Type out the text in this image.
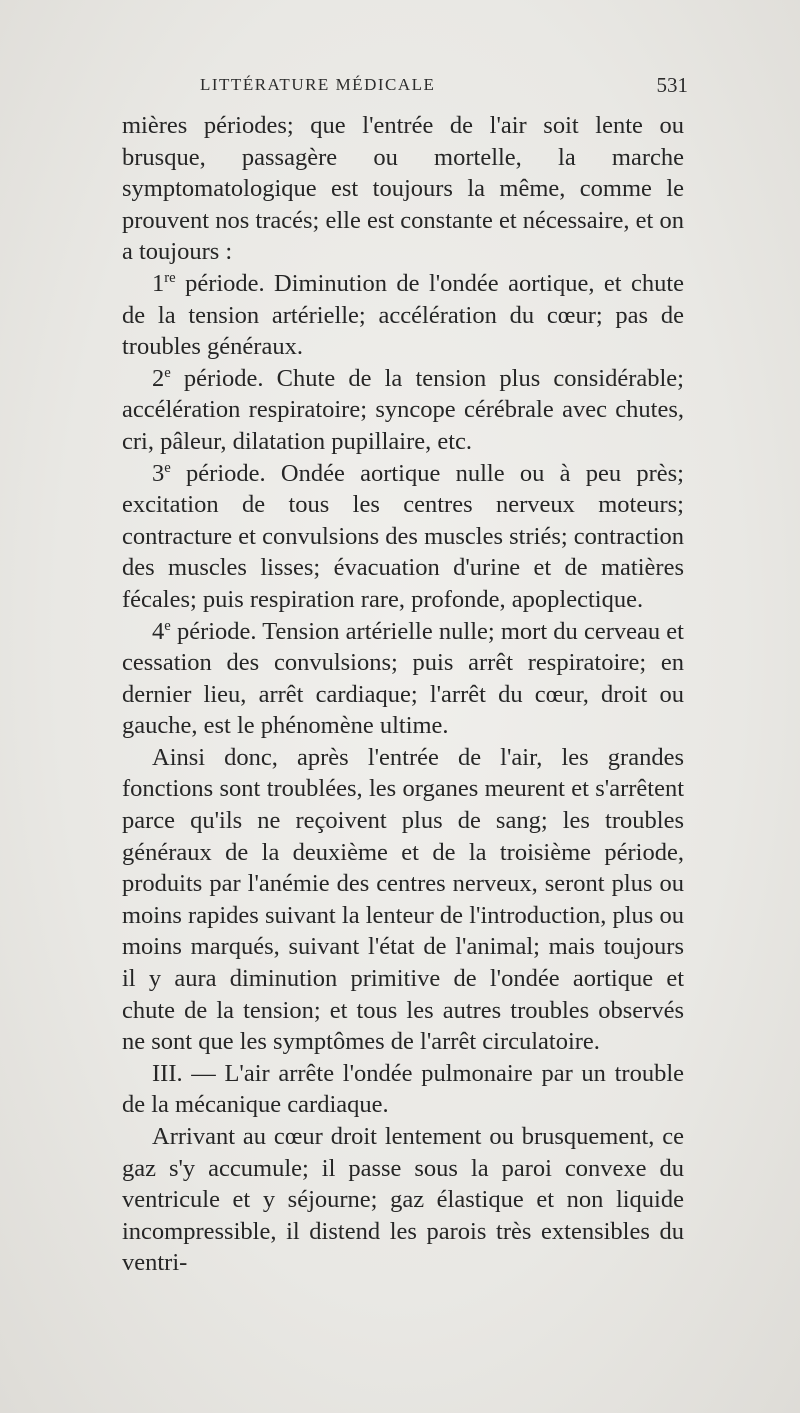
LITTÉRATURE MÉDICALE	531

mières périodes; que l'entrée de l'air soit lente ou brusque, passagère ou mortelle, la marche symptomatologique est toujours la même, comme le prouvent nos tracés; elle est constante et nécessaire, et on a toujours :

1re période. Diminution de l'ondée aortique, et chute de la tension artérielle; accélération du cœur; pas de troubles généraux.

2e période. Chute de la tension plus considérable; accélération respiratoire; syncope cérébrale avec chutes, cri, pâleur, dilatation pupillaire, etc.

3e période. Ondée aortique nulle ou à peu près; excitation de tous les centres nerveux moteurs; contracture et convulsions des muscles striés; contraction des muscles lisses; évacuation d'urine et de matières fécales; puis respiration rare, profonde, apoplectique.

4e période. Tension artérielle nulle; mort du cerveau et cessation des convulsions; puis arrêt respiratoire; en dernier lieu, arrêt cardiaque; l'arrêt du cœur, droit ou gauche, est le phénomène ultime.

Ainsi donc, après l'entrée de l'air, les grandes fonctions sont troublées, les organes meurent et s'arrêtent parce qu'ils ne reçoivent plus de sang; les troubles généraux de la deuxième et de la troisième période, produits par l'anémie des centres nerveux, seront plus ou moins rapides suivant la lenteur de l'introduction, plus ou moins marqués, suivant l'état de l'animal; mais toujours il y aura diminution primitive de l'ondée aortique et chute de la tension; et tous les autres troubles observés ne sont que les symptômes de l'arrêt circulatoire.

III. — L'air arrête l'ondée pulmonaire par un trouble de la mécanique cardiaque.

Arrivant au cœur droit lentement ou brusquement, ce gaz s'y accumule; il passe sous la paroi convexe du ventricule et y séjourne; gaz élastique et non liquide incompressible, il distend les parois très extensibles du ventri-
